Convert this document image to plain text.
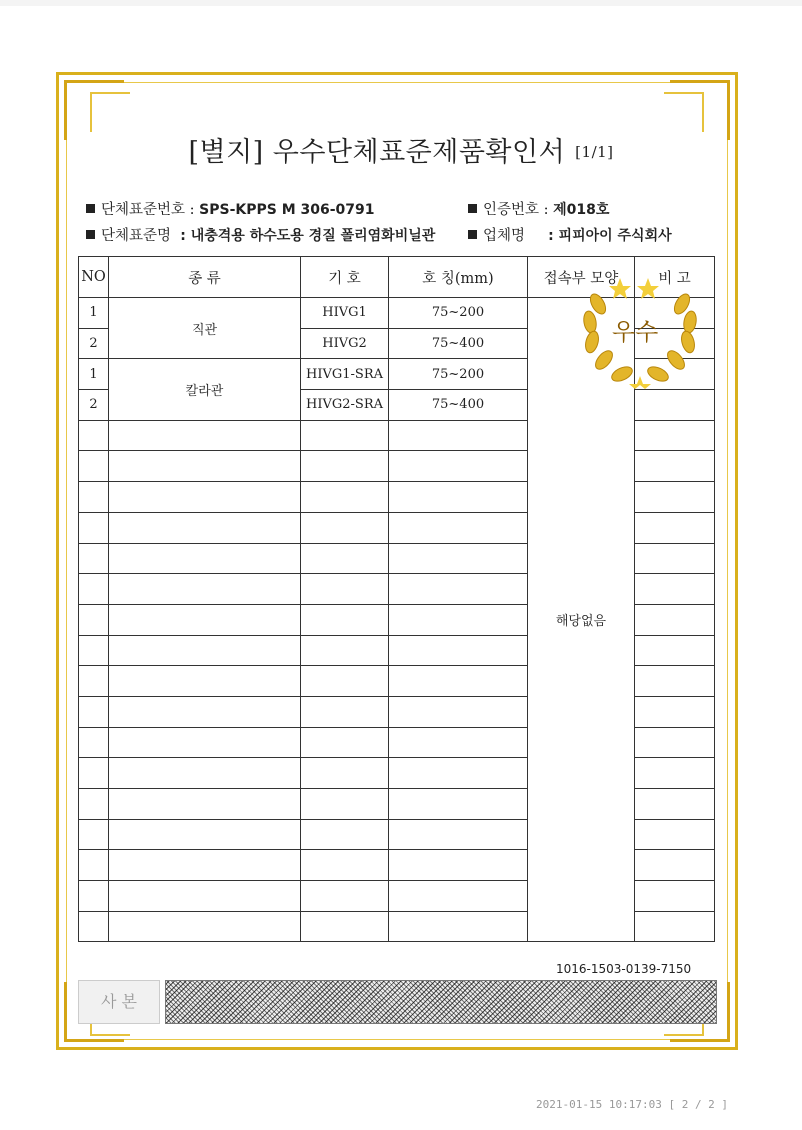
[별지] 우수단체표준제품확인서 [1/1]
단체표준번호 : SPS-KPPS M 306-0791	인증번호 : 제018호
단체표준명 : 내충격용 하수도용 경질 폴리염화비닐관	업체명 : 피피아이 주식회사
NO	종 류	기 호	호 칭(mm)	접속부 모양	비 고
1	직관	HIVG1	75~200	해당없음	
2		HIVG2	75~400		
1	칼라관	HIVG1-SRA	75~200		
2		HIVG2-SRA	75~400		

우수
1016-1503-0139-7150
사 본
2021-01-15 10:17:03 [ 2 / 2 ]
